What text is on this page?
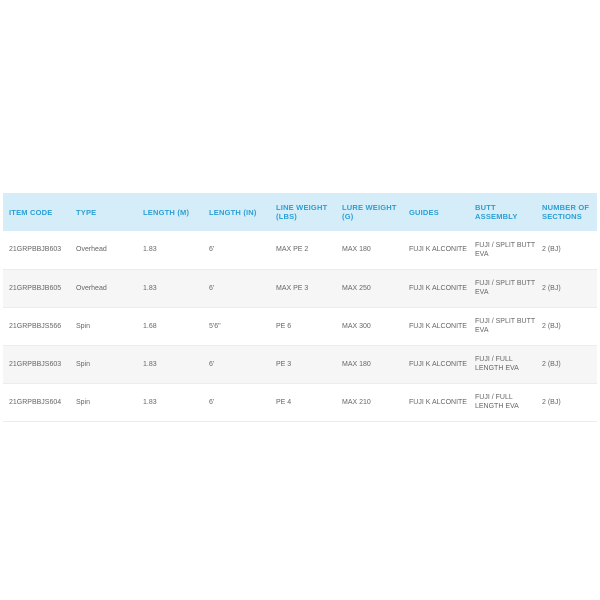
ITEM CODE	TYPE	LENGTH (M)	LENGTH (IN)	LINE WEIGHT (LBS)	LURE WEIGHT (G)	GUIDES	BUTT ASSEMBLY	NUMBER OF SECTIONS
21GRPBBJB603	Overhead	1.83	6'	MAX PE 2	MAX 180	FUJI K ALCONITE	FUJI / SPLIT BUTT EVA	2 (BJ)
21GRPBBJB605	Overhead	1.83	6'	MAX PE 3	MAX 250	FUJI K ALCONITE	FUJI / SPLIT BUTT EVA	2 (BJ)
21GRPBBJS566	Spin	1.68	5'6"	PE 6	MAX 300	FUJI K ALCONITE	FUJI / SPLIT BUTT EVA	2 (BJ)
21GRPBBJS603	Spin	1.83	6'	PE 3	MAX 180	FUJI K ALCONITE	FUJI / FULL LENGTH EVA	2 (BJ)
21GRPBBJS604	Spin	1.83	6'	PE 4	MAX 210	FUJI K ALCONITE	FUJI / FULL LENGTH EVA	2 (BJ)
